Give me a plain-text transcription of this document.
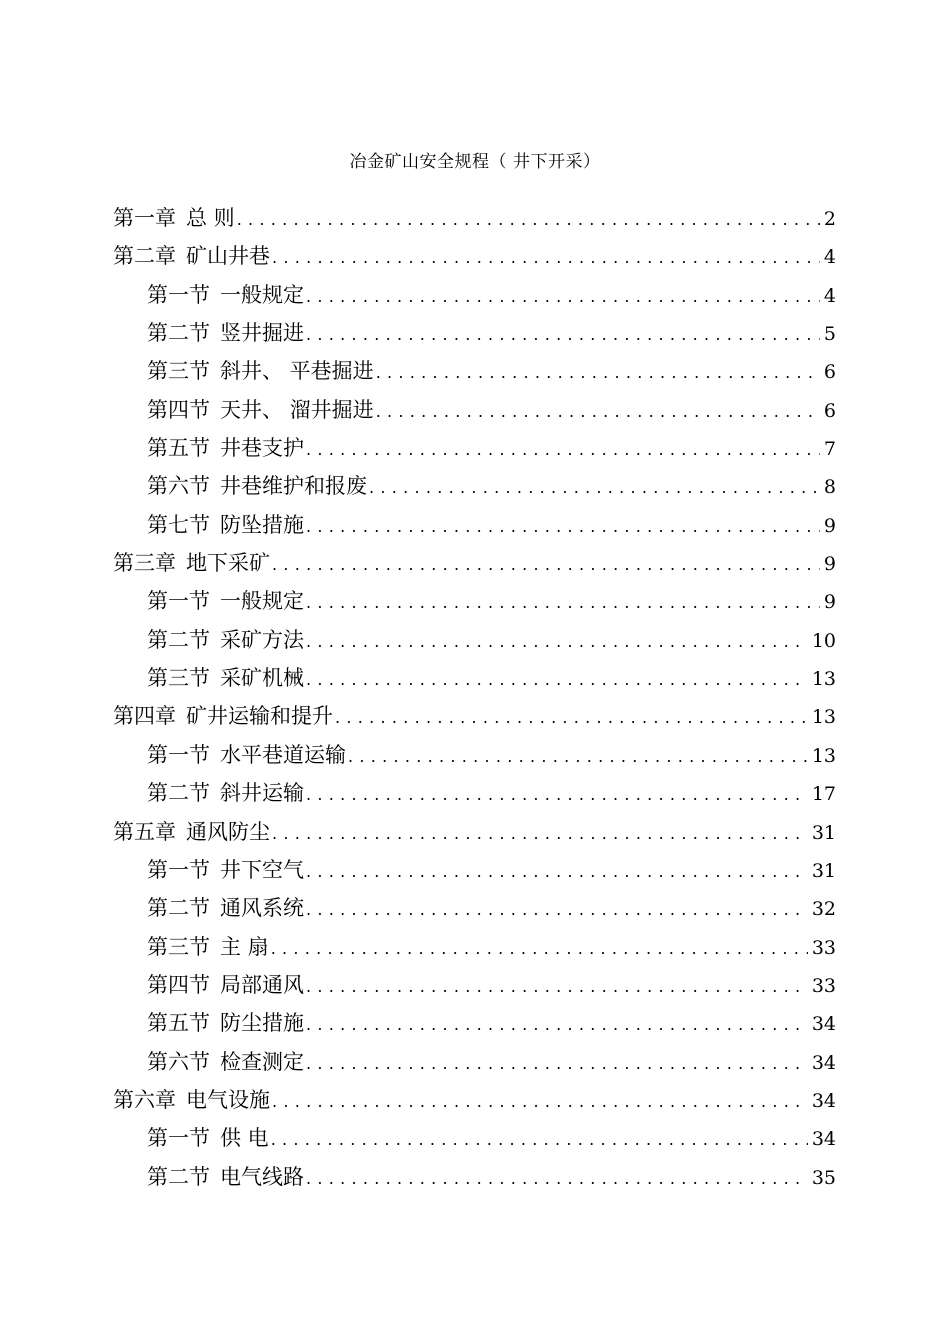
冶金矿山安全规程（ 井下开采）
第一章 总 则 . . .	2
第二章 矿山井巷 . . .	4
第一节 一般规定 . . .	4
第二节 竖井掘进 . . .	5
第三节 斜井、 平巷掘进 . . .	6
第四节 天井、 溜井掘进 . . .	6
第五节 井巷支护 . . .	7
第六节 井巷维护和报废 . . .	8
第七节 防坠措施 . . .	9
第三章 地下采矿 . . .	9
第一节 一般规定 . . .	9
第二节 采矿方法 . . .	10
第三节 采矿机械 . . .	13
第四章 矿井运输和提升 . . .	13
第一节 水平巷道运输 . . .	13
第二节 斜井运输 . . .	17
第五章 通风防尘 . . .	31
第一节 井下空气 . . .	31
第二节 通风系统 . . .	32
第三节 主 扇 . . .	33
第四节 局部通风 . . .	33
第五节 防尘措施 . . .	34
第六节 检查测定 . . .	34
第六章 电气设施 . . .	34
第一节 供 电 . . .	34
第二节 电气线路 . . .	35
